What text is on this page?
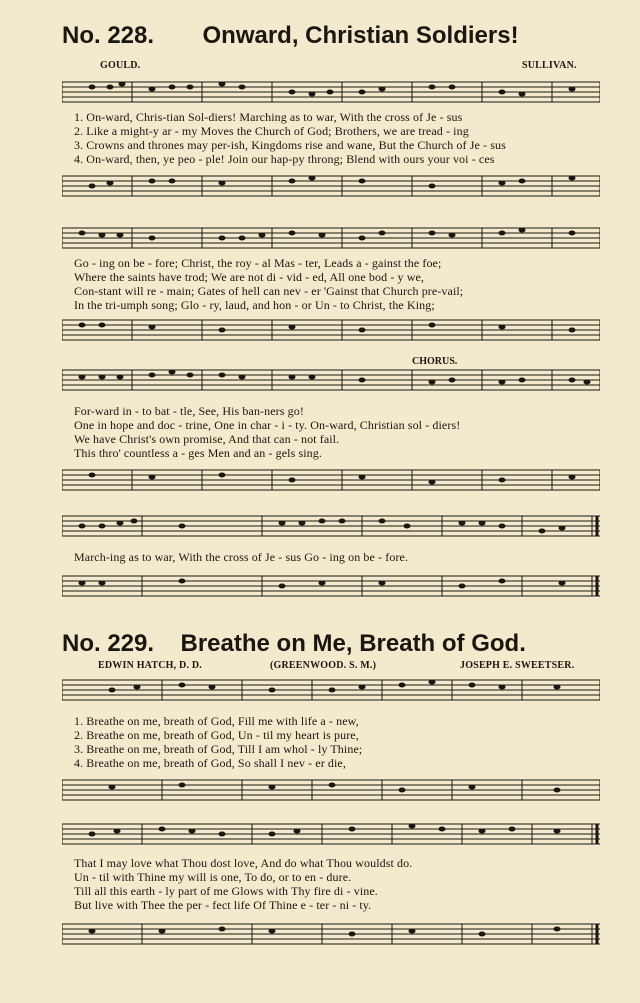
No. 228. Onward, Christian Soldiers!
GOULD.	SULLIVAN.
1. On-ward, Chris-tian Sol-diers! Marching as to war, With the cross of Je - sus
2. Like a might-y ar - my Moves the Church of God; Brothers, we are tread - ing
3. Crowns and thrones may per-ish, Kingdoms rise and wane, But the Church of Je - sus
4. On-ward, then, ye peo - ple! Join our hap-py throng; Blend with ours your voi - ces
Go - ing on be - fore; Christ, the roy - al Mas - ter, Leads a - gainst the foe;
Where the saints have trod; We are not di - vid - ed, All one bod - y we,
Con-stant will re - main; Gates of hell can nev - er 'Gainst that Church pre-vail;
In the tri-umph song; Glo - ry, laud, and hon - or Un - to Christ, the King;
CHORUS.
For-ward in - to bat - tle, See, His ban-ners go!
One in hope and doc - trine, One in char - i - ty. On-ward, Christian sol - diers!
We have Christ's own promise, And that can - not fail.
This thro' countless a - ges Men and an - gels sing.
March-ing as to war, With the cross of Je - sus Go - ing on be - fore.
No. 229. Breathe on Me, Breath of God.
EDWIN HATCH, D. D.	(GREENWOOD. S. M.)	JOSEPH E. SWEETSER.
1. Breathe on me, breath of God, Fill me with life a - new,
2. Breathe on me, breath of God, Un - til my heart is pure,
3. Breathe on me, breath of God, Till I am whol - ly Thine;
4. Breathe on me, breath of God, So shall I nev - er die,
That I may love what Thou dost love, And do what Thou wouldst do.
Un - til with Thine my will is one, To do, or to en - dure.
Till all this earth - ly part of me Glows with Thy fire di - vine.
But live with Thee the per - fect life Of Thine e - ter - ni - ty.
